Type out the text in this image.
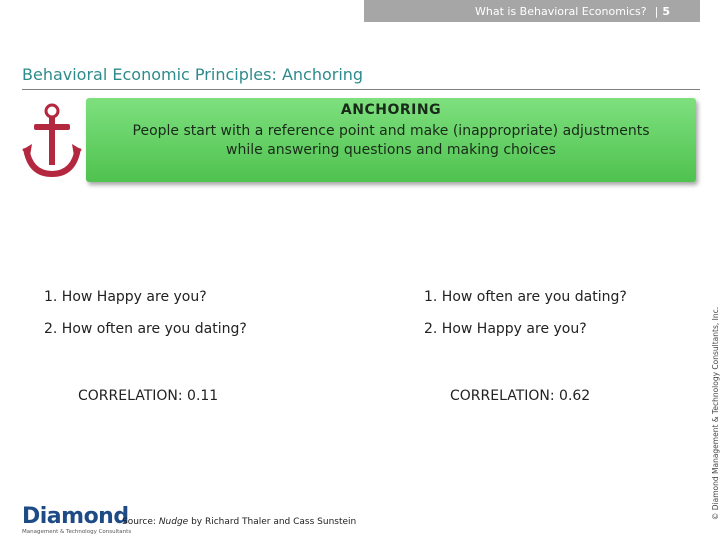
What is Behavioral Economics? | 5
Behavioral Economic Principles: Anchoring
ANCHORING
People start with a reference point and make (inappropriate) adjustments
while answering questions and making choices
1. How Happy are you?
2. How often are you dating?
CORRELATION: 0.11
1. How often are you dating?
2. How Happy are you?
CORRELATION: 0.62	© Diamond Management & Technology Consultants, Inc.
Diamond
Management & Technology Consultants
Source: Nudge by Richard Thaler and Cass Sunstein
